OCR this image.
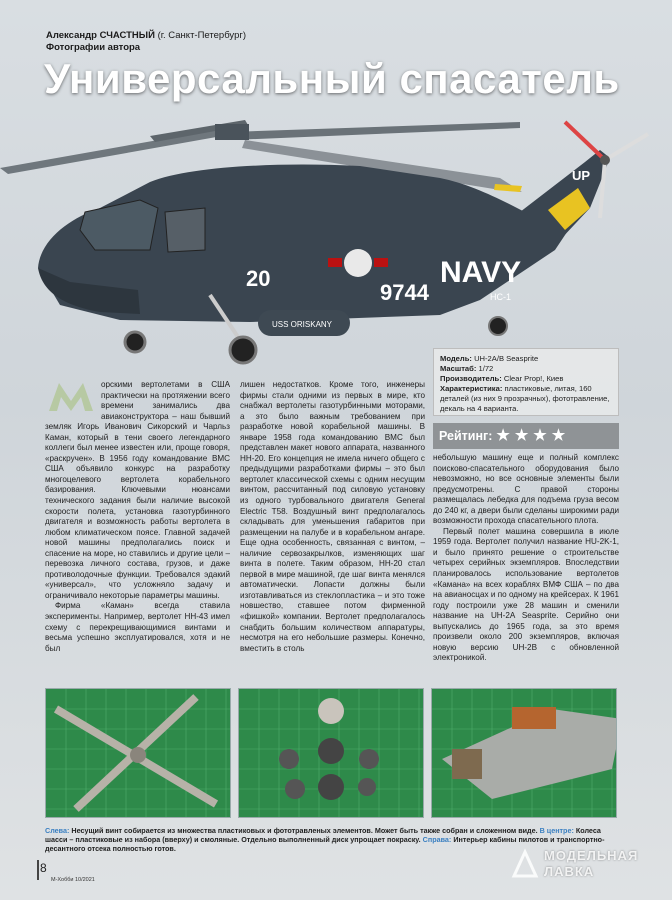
Александр СЧАСТНЫЙ (г. Санкт-Петербург)
Фотографии автора
Универсальный спасатель
UP
20	NAVY
9744	HC-1
USS ORISKANY
Модель: UH-2A/B Seasprite
Масштаб: 1/72
Производитель: Clear Prop!, Киев
Характеристика: пластиковые, литая, 160 деталей (из них 9 прозрачных), фототравление, декаль на 4 варианта.
Рейтинг: ★★★★

орскими вертолетами в США практически на протяжении всего времени занимались два авиаконструктора – наш бывший земляк Игорь Иванович Сикорский и Чарльз Каман, который в тени своего легендарного коллеги был менее известен или, проще говоря, «раскручен». В 1956 году командование ВМС США объявило конкурс на разработку многоцелевого вертолета корабельного базирования. Ключевыми нюансами технического задания были наличие высокой скорости полета, установка газотурбинного двигателя и возможность работы вертолета в любом климатическом поясе. Главной задачей новой машины предполагались поиск и спасение на море, но ставились и другие цели – перевозка личного состава, грузов, и даже противолодочные функции. Требовался эдакий «универсал», что усложняло задачу и ограничивало некоторые параметры машины.

Фирма «Каман» всегда ставила эксперименты. Например, вертолет HH-43 имел схему с перекрещивающимися винтами и весьма успешно эксплуатировался, хотя и не был

лишен недостатков. Кроме того, инженеры фирмы стали одними из первых в мире, кто снабжал вертолеты газотурбинными моторами, а это было важным требованием при разработке новой корабельной машины. В январе 1958 года командованию ВМС был представлен макет нового аппарата, названного HH-20. Его концепция не имела ничего общего с предыдущими разработками фирмы – это был вертолет классической схемы с одним несущим винтом, рассчитанный под силовую установку из одного турбовального двигателя General Electric T58. Воздушный винт предполагалось складывать для уменьшения габаритов при размещении на палубе и в корабельном ангаре. Еще одна особенность, связанная с винтом, – наличие сервозакрылков, изменяющих шаг винта в полете. Таким образом, HH-20 стал первой в мире машиной, где шаг винта менялся автоматически. Лопасти должны были изготавливаться из стеклопластика – и это тоже новшество, ставшее потом фирменной «фишкой» компании. Вертолет предполагалось снабдить большим количеством аппаратуры, несмотря на его небольшие размеры. Конечно, вместить в столь

небольшую машину еще и полный комплекс поисково-спасательного оборудования было невозможно, но все основные элементы были предусмотрены. С правой стороны размещалась лебедка для подъема груза весом до 240 кг, а двери были сделаны широкими ради возможности прохода спасательного плота.

Первый полет машина совершила в июле 1959 года. Вертолет получил название HU-2K-1, и было принято решение о строительстве четырех серийных экземпляров. Впоследствии планировалось использование вертолетов «Камана» на всех кораблях ВМФ США – по два на авианосцах и по одному на крейсерах. К 1961 году построили уже 28 машин и сменили название на UH-2A Seasprite. Серийно они выпускались до 1965 года, за это время произвели около 200 экземпляров, включая новую версию UH-2B с обновленной электроникой.

Слева: Несущий винт собирается из множества пластиковых и фототравленых элементов. Может быть также собран и сложенном виде. В центре: Колеса шасси – пластиковые из набора (вверху) и смоляные. Отдельно выполненный диск упрощает покраску. Справа: Интерьер кабины пилотов и транспортно-десантного отсека полностью готов.
8
М-Хобби 10/2021
МОДЕЛЬНАЯ
ЛАВКА
